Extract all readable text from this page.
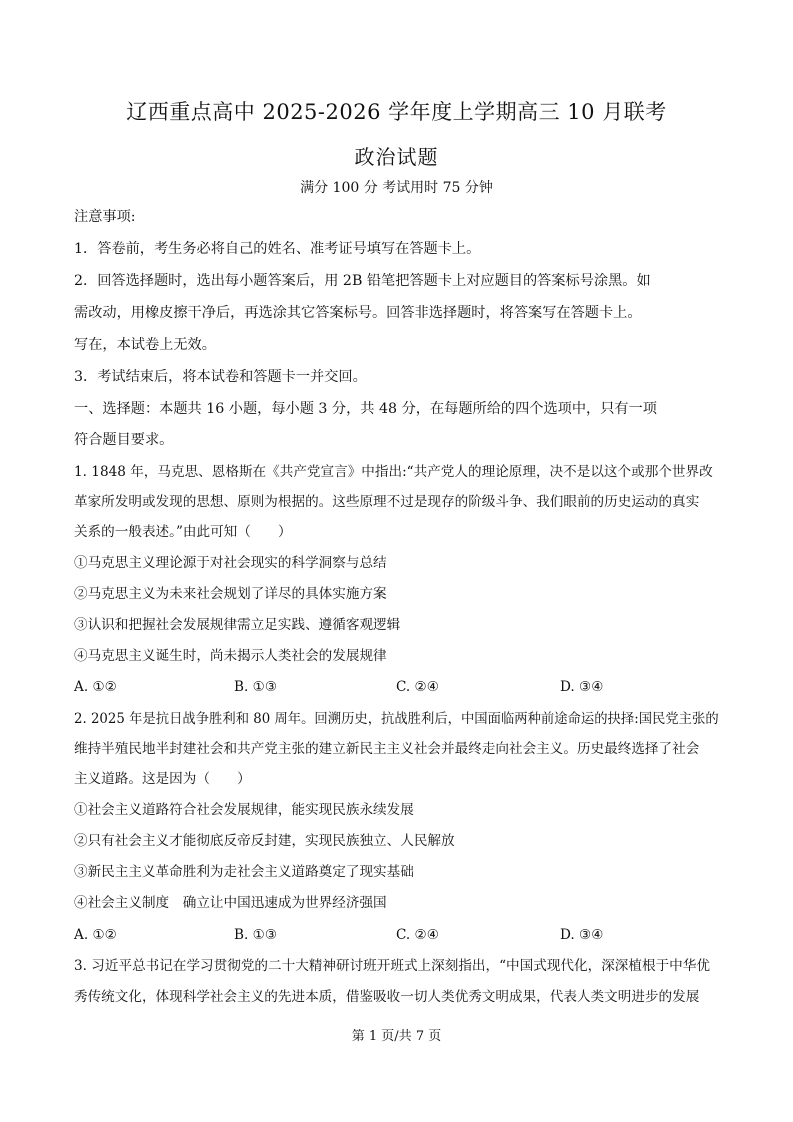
辽西重点高中 2025-2026 学年度上学期高三 10 月联考
政治试题
满分 100 分 考试用时 75 分钟
注意事项:
1．答卷前，考生务必将自己的姓名、准考证号填写在答题卡上。
2．回答选择题时，选出每小题答案后，用 2B 铅笔把答题卡上对应题目的答案标号涂黑。如
需改动，用橡皮擦干净后，再选涂其它答案标号。回答非选择题时，将答案写在答题卡上。
写在，本试卷上无效。
3．考试结束后，将本试卷和答题卡一并交回。
一、选择题：本题共 16 小题，每小题 3 分，共 48 分，在每题所给的四个选项中，只有一项
符合题目要求。
1. 1848 年，马克思、恩格斯在《共产党宣言》中指出:“共产党人的理论原理，决不是以这个或那个世界改
革家所发明或发现的思想、原则为根据的。这些原理不过是现存的阶级斗争、我们眼前的历史运动的真实
关系的一般表述。”由此可知（　　）
①马克思主义理论源于对社会现实的科学洞察与总结
②马克思主义为未来社会规划了详尽的具体实施方案
③认识和把握社会发展规律需立足实践、遵循客观逻辑
④马克思主义诞生时，尚未揭示人类社会的发展规律
A. ①②	B. ①③	C. ②④	D. ③④
2. 2025 年是抗日战争胜利和 80 周年。回溯历史，抗战胜利后，中国面临两种前途命运的抉择:国民党主张的
维持半殖民地半封建社会和共产党主张的建立新民主主义社会并最终走向社会主义。历史最终选择了社会
主义道路。这是因为（　　）
①社会主义道路符合社会发展规律，能实现民族永续发展
②只有社会主义才能彻底反帝反封建，实现民族独立、人民解放
③新民主主义革命胜利为走社会主义道路奠定了现实基础
④社会主义制度　确立让中国迅速成为世界经济强国
A. ①②	B. ①③	C. ②④	D. ③④
3. 习近平总书记在学习贯彻党的二十大精神研讨班开班式上深刻指出，“中国式现代化，深深植根于中华优
秀传统文化，体现科学社会主义的先进本质，借鉴吸收一切人类优秀文明成果，代表人类文明进步的发展
第 1 页/共 7 页
